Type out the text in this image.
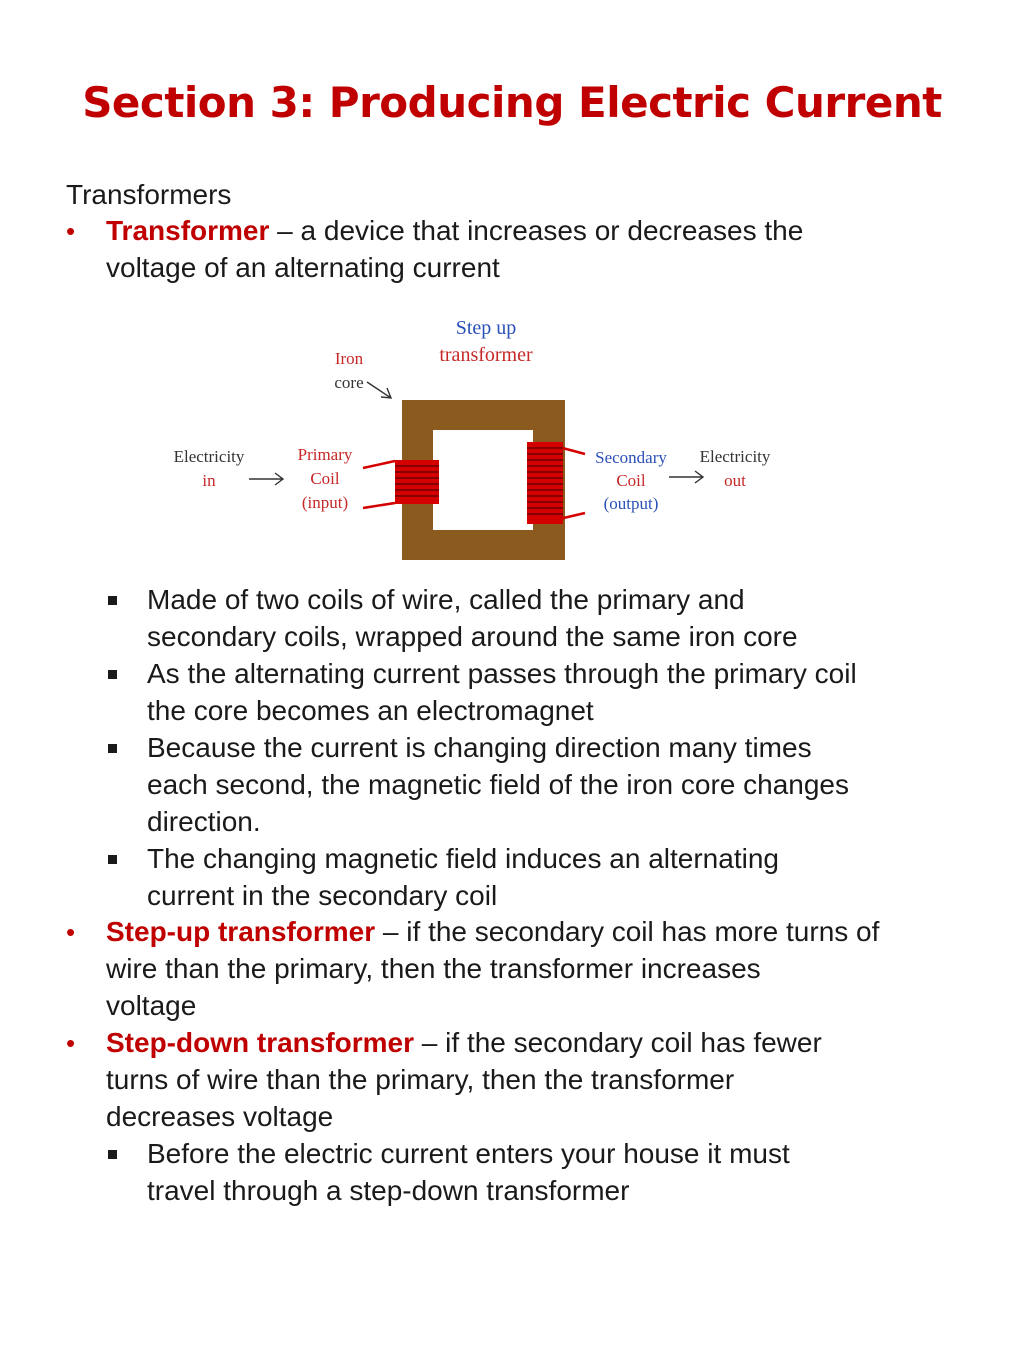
Section 3: Producing Electric Current
Transformers
• Transformer – a device that increases or decreases the
voltage of an alternating current
Step up
transformer
Iron
core
Electricity
in
Primary
Coil
(input)
Secondary
Coil
(output)
Electricity
out
Made of two coils of wire, called the primary and
secondary coils, wrapped around the same iron core
As the alternating current passes through the primary coil
the core becomes an electromagnet
Because the current is changing direction many times
each second, the magnetic field of the iron core changes
direction.
The changing magnetic field induces an alternating
current in the secondary coil
• Step-up transformer – if the secondary coil has more turns of
wire than the primary, then the transformer increases
voltage
• Step-down transformer – if the secondary coil has fewer
turns of wire than the primary, then the transformer
decreases voltage
Before the electric current enters your house it must
travel through a step-down transformer
